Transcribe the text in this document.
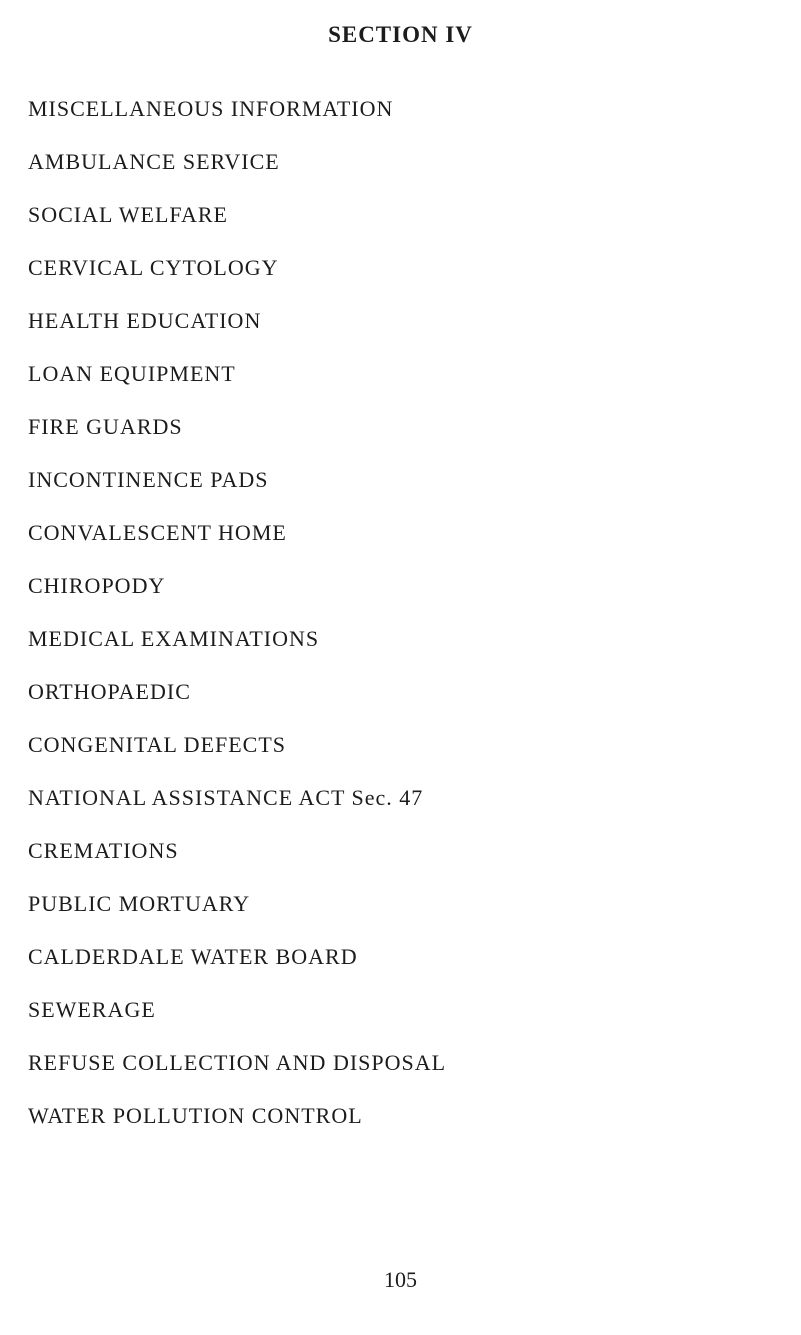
SECTION IV
MISCELLANEOUS INFORMATION
AMBULANCE SERVICE
SOCIAL WELFARE
CERVICAL CYTOLOGY
HEALTH EDUCATION
LOAN EQUIPMENT
FIRE GUARDS
INCONTINENCE PADS
CONVALESCENT HOME
CHIROPODY
MEDICAL EXAMINATIONS
ORTHOPAEDIC
CONGENITAL DEFECTS
NATIONAL ASSISTANCE ACT Sec. 47
CREMATIONS
PUBLIC MORTUARY
CALDERDALE WATER BOARD
SEWERAGE
REFUSE COLLECTION AND DISPOSAL
WATER POLLUTION CONTROL

105
